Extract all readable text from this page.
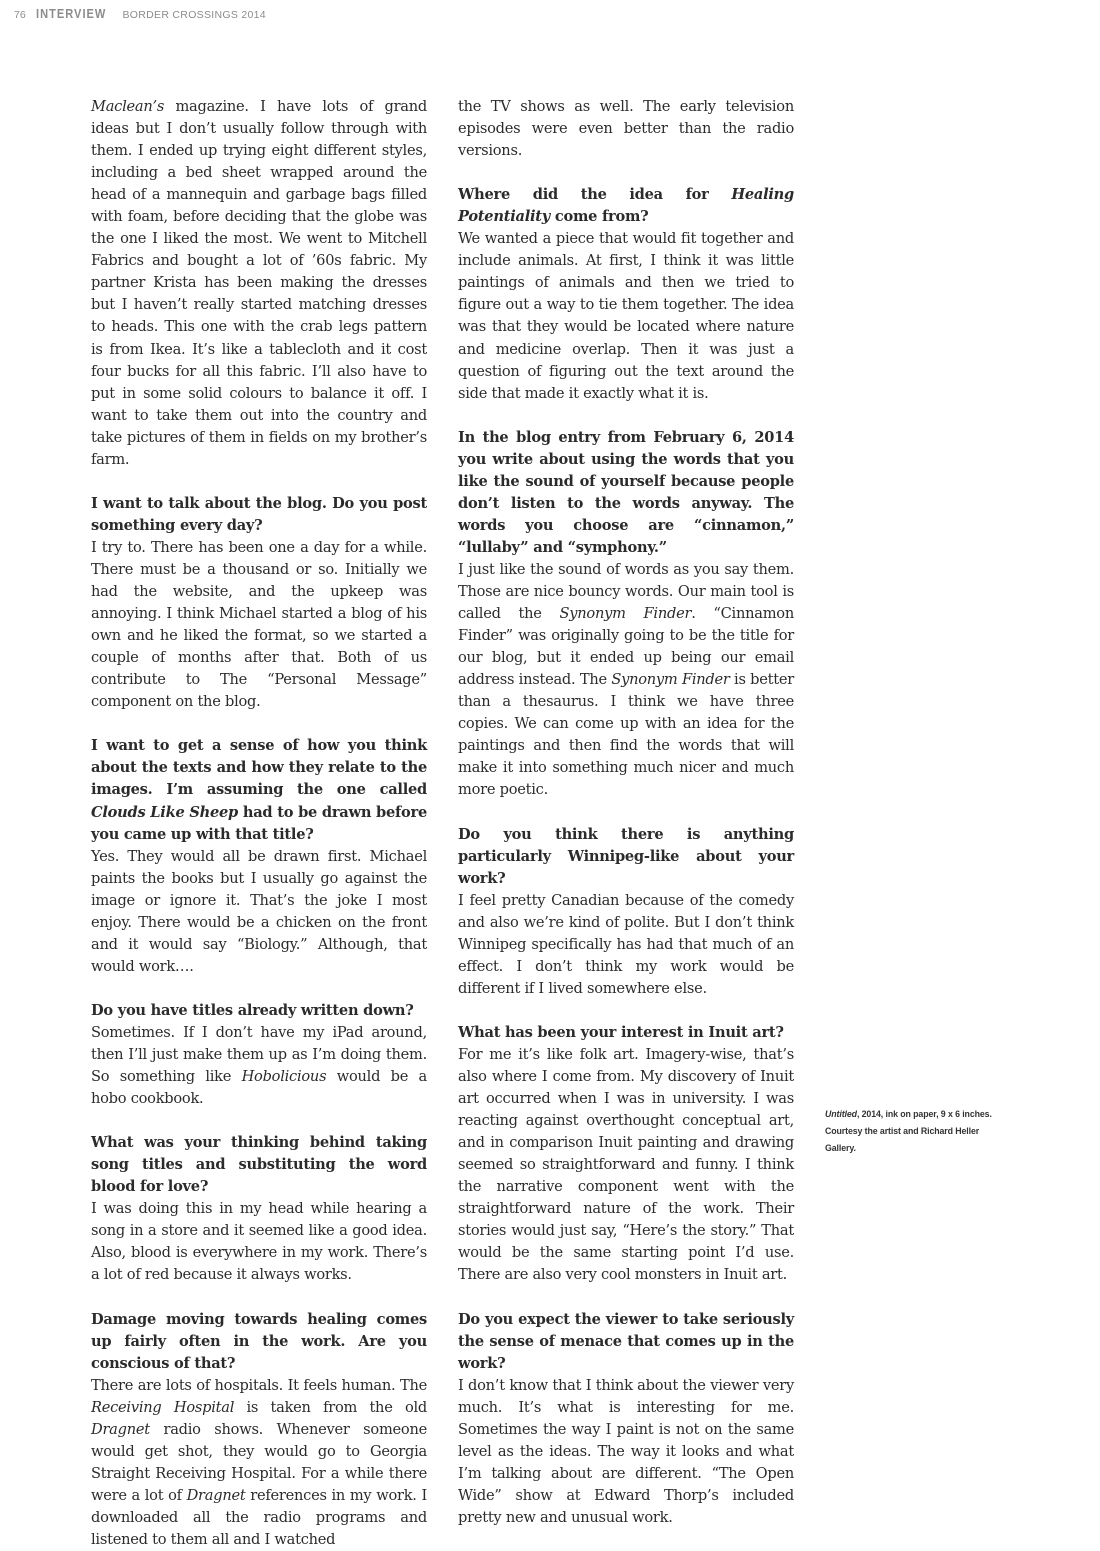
76 INTERVIEW BORDER CROSSINGS 2014

Maclean’s magazine. I have lots of grand ideas but I don’t usually follow through with them. I ended up trying eight different styles, including a bed sheet wrapped around the head of a mannequin and garbage bags filled with foam, before deciding that the globe was the one I liked the most. We went to Mitchell Fabrics and bought a lot of ’60s fabric. My partner Krista has been making the dresses but I haven’t really started matching dresses to heads. This one with the crab legs pattern is from Ikea. It’s like a tablecloth and it cost four bucks for all this fabric. I’ll also have to put in some solid colours to balance it off. I want to take them out into the country and take pictures of them in fields on my brother’s farm.

I want to talk about the blog. Do you post something every day?

I try to. There has been one a day for a while. There must be a thousand or so. Initially we had the website, and the upkeep was annoying. I think Michael started a blog of his own and he liked the format, so we started a couple of months after that. Both of us contribute to The “Personal Message” component on the blog.

I want to get a sense of how you think about the texts and how they relate to the images. I’m assuming the one called Clouds Like Sheep had to be drawn before you came up with that title?

Yes. They would all be drawn first. Michael paints the books but I usually go against the image or ignore it. That’s the joke I most enjoy. There would be a chicken on the front and it would say “Biology.” Although, that would work….

Do you have titles already written down?

Sometimes. If I don’t have my iPad around, then I’ll just make them up as I’m doing them. So something like Hobolicious would be a hobo cookbook.

What was your thinking behind taking song titles and substituting the word blood for love?

I was doing this in my head while hearing a song in a store and it seemed like a good idea. Also, blood is everywhere in my work. There’s a lot of red because it always works.

Damage moving towards healing comes up fairly often in the work. Are you conscious of that?

There are lots of hospitals. It feels human. The Receiving Hospital is taken from the old Dragnet radio shows. Whenever someone would get shot, they would go to Georgia Straight Receiving Hospital. For a while there were a lot of Dragnet references in my work. I downloaded all the radio programs and listened to them all and I watched

the TV shows as well. The early television episodes were even better than the radio versions.

Where did the idea for Healing Potentiality come from?

We wanted a piece that would fit together and include animals. At first, I think it was little paintings of animals and then we tried to figure out a way to tie them together. The idea was that they would be located where nature and medicine overlap. Then it was just a question of figuring out the text around the side that made it exactly what it is.

In the blog entry from February 6, 2014 you write about using the words that you like the sound of yourself because people don’t listen to the words anyway. The words you choose are “cinnamon,” “lullaby” and “symphony.”

I just like the sound of words as you say them. Those are nice bouncy words. Our main tool is called the Synonym Finder. “Cinnamon Finder” was originally going to be the title for our blog, but it ended up being our email address instead. The Synonym Finder is better than a thesaurus. I think we have three copies. We can come up with an idea for the paintings and then find the words that will make it into something much nicer and much more poetic.

Do you think there is anything particularly Winnipeg-like about your work?

I feel pretty Canadian because of the comedy and also we’re kind of polite. But I don’t think Winnipeg specifically has had that much of an effect. I don’t think my work would be different if I lived somewhere else.

What has been your interest in Inuit art?

For me it’s like folk art. Imagery-wise, that’s also where I come from. My discovery of Inuit art occurred when I was in university. I was reacting against overthought conceptual art, and in comparison Inuit painting and drawing seemed so straightforward and funny. I think the narrative component went with the straightforward nature of the work. Their stories would just say, “Here’s the story.” That would be the same starting point I’d use. There are also very cool monsters in Inuit art.

Do you expect the viewer to take seriously the sense of menace that comes up in the work?

I don’t know that I think about the viewer very much. It’s what is interesting for me. Sometimes the way I paint is not on the same level as the ideas. The way it looks and what I’m talking about are different. “The Open Wide” show at Edward Thorp’s included pretty new and unusual work.

Untitled, 2014, ink on paper, 9 x 6 inches. Courtesy the artist and Richard Heller Gallery.
